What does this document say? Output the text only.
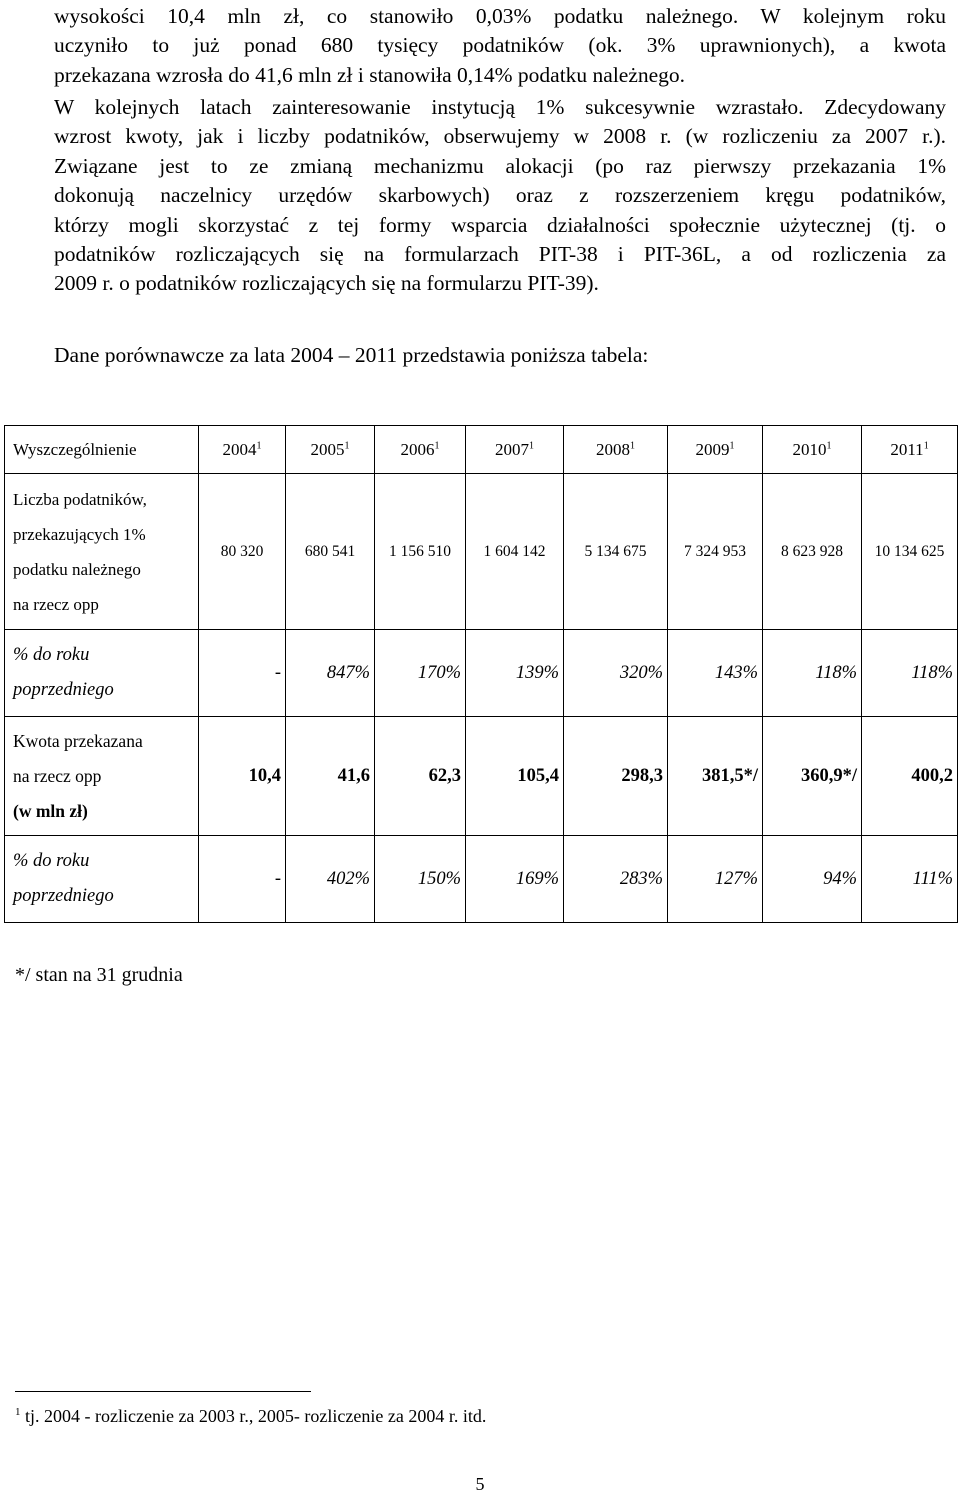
wysokości 10,4 mln zł, co stanowiło 0,03% podatku należnego. W kolejnym roku
uczyniło to już ponad 680 tysięcy podatników (ok. 3% uprawnionych), a kwota
przekazana wzrosła do 41,6 mln zł i stanowiła 0,14% podatku należnego.
W kolejnych latach zainteresowanie instytucją 1% sukcesywnie wzrastało. Zdecydowany
wzrost kwoty, jak i liczby podatników, obserwujemy w 2008 r. (w rozliczeniu za 2007 r.).
Związane jest to ze zmianą mechanizmu alokacji (po raz pierwszy przekazania 1%
dokonują naczelnicy urzędów skarbowych) oraz z rozszerzeniem kręgu podatników,
którzy mogli skorzystać z tej formy wsparcia działalności społecznie użytecznej (tj. o
podatników rozliczających się na formularzach PIT-38 i PIT-36L, a od rozliczenia za
2009 r. o podatników rozliczających się na formularzu PIT-39).

Dane porównawcze za lata 2004 – 2011 przedstawia poniższa tabela:

Wyszczególnienie	2004$^1$	2005$^1$	2006$^1$	2007$^1$	2008$^1$	2009$^1$	2010$^1$	2011$^1$

Liczba podatników,
przekazujących 1%
podatku należnego
na rzecz opp	80 320	680 541	1 156 510	1 604 142	5 134 675	7 324 953	8 623 928	10 134 625

% do roku
poprzedniego	-	847%	170%	139%	320%	143%	118%	118%

Kwota przekazana
na rzecz opp
(w mln zł)	10,4	41,6	62,3	105,4	298,3	381,5*/	360,9*/	400,2

% do roku
poprzedniego	-	402%	150%	169%	283%	127%	94%	111%

*/ stan na 31 grudnia

$^1$ tj. 2004 - rozliczenie za 2003 r., 2005- rozliczenie za 2004 r. itd.

5
